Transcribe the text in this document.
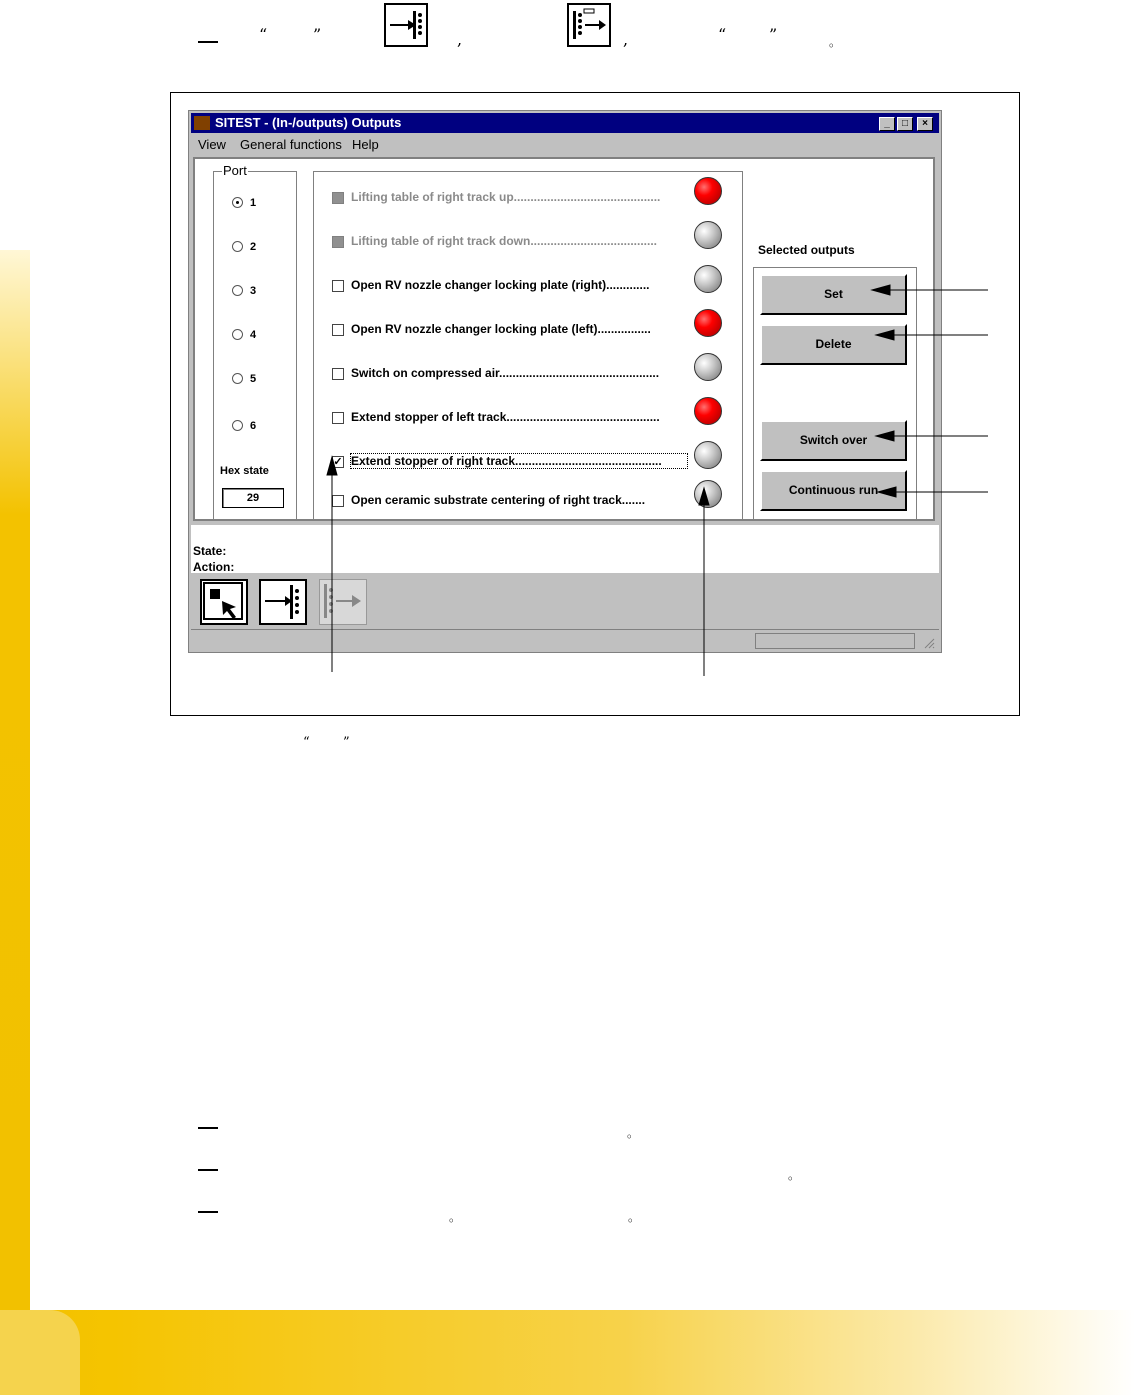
“	”	,	,	“	”	。
“	”
。
。
。	。
SITEST - (In-/outputs) Outputs	_	□	×
View General functions Help
Port
1
2
3
4
5
6
Hex state
29
Lifting table of right track up............................................
Lifting table of right track down......................................
Open RV nozzle changer locking plate (right).............
Open RV nozzle changer locking plate (left)................
Switch on compressed air................................................
Extend stopper of left track..............................................
✓ Extend stopper of right track............................................
Open ceramic substrate centering of right track.......
Selected outputs
Set
Delete
Switch over
Continuous run
State:
Action:
